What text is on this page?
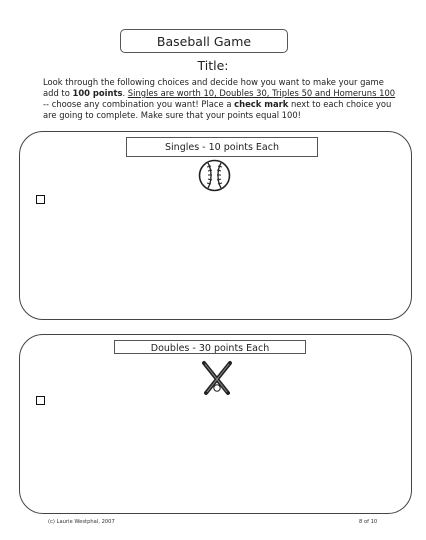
Baseball Game
Title:
Look through the following choices and decide how you want to make your game add to 100 points. Singles are worth 10, Doubles 30, Triples 50 and Homeruns 100 -- choose any combination you want! Place a check mark next to each choice you are going to complete. Make sure that your points equal 100!
Singles - 10 points Each
Doubles - 30 points Each
(c) Laurie Westphal, 2007	8 of 10
